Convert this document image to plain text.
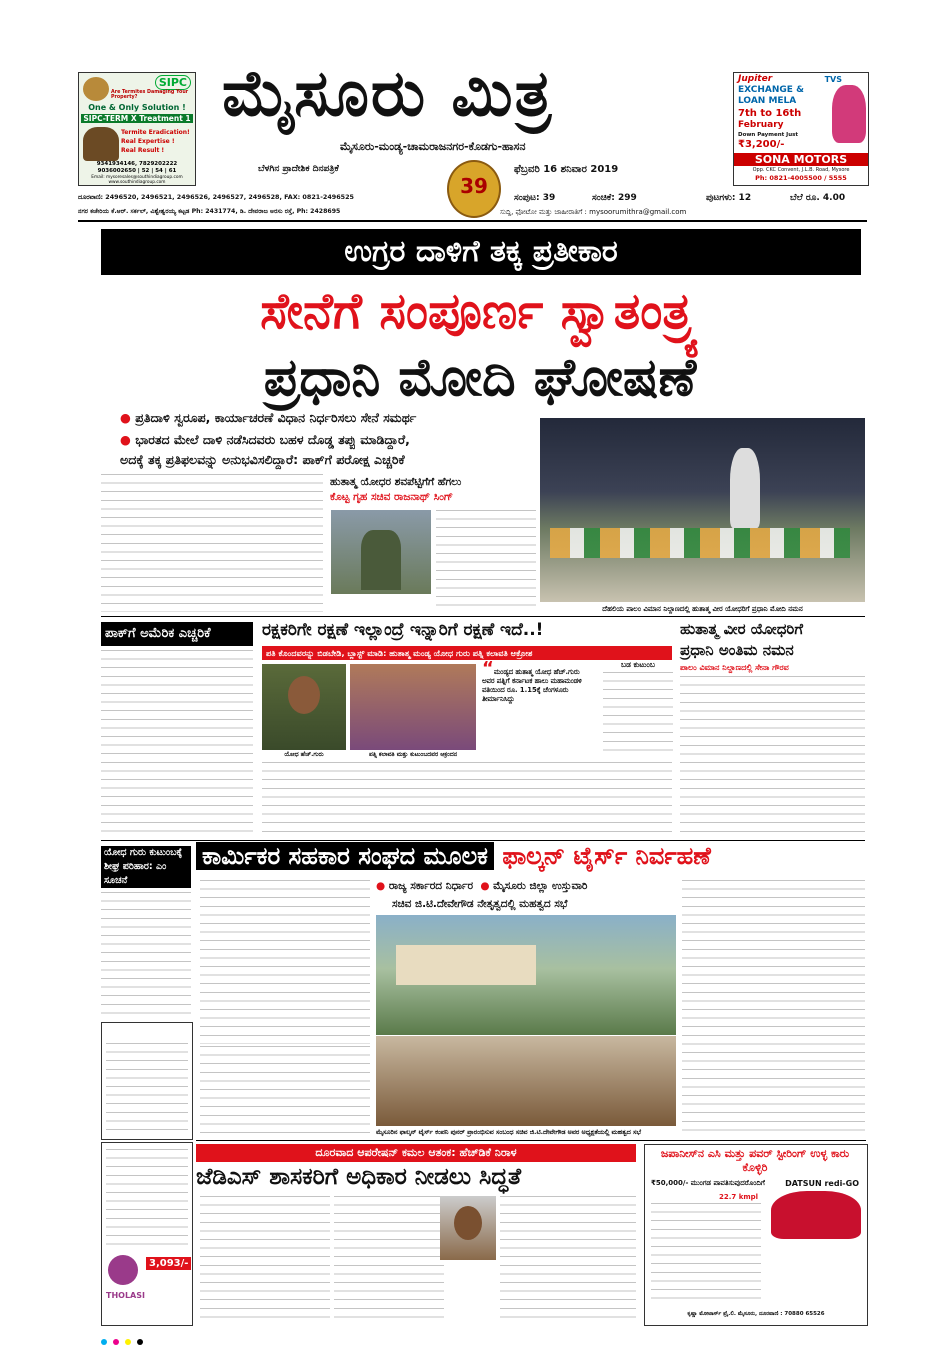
SIPC
Are Termites Damaging Your Property?
One & Only Solution !
SIPC-TERM X Treatment 1
Termite Eradication!
Real Expertise !
Real Result !
9341934146, 7829202222
9036002650 | 52 | 54 | 61
Email: mysoresales@southindiagroup.com
www.southindiagroup.com
ಮೈಸೂರು ಮಿತ್ರ
ಮೈಸೂರು-ಮಂಡ್ಯ-ಚಾಮರಾಜನಗರ-ಕೊಡಗು-ಹಾಸನ
ಬೆಳಗಿನ ಪ್ರಾದೇಶಿಕ ದಿನಪತ್ರಿಕೆ	ಫೆಬ್ರವರಿ 16 ಶನಿವಾರ 2019
39	ಸಂಪುಟ: 39	ಸಂಚಿಕೆ: 299	ಪುಟಗಳು: 12	ಬೆಲೆ ರೂ. 4.00
ಸುದ್ದಿ, ಫೋಟೋ ಮತ್ತು ಜಾಹೀರಾತಿಗೆ : mysoorumithra@gmail.com
Jupiter	TVS
EXCHANGE &
LOAN MELA
7th to 16th
February
Down Payment Just
₹3,200/-
SONA MOTORS
Opp. CKC Convent, J.L.B. Road, Mysore
Ph: 0821-4005500 / 5555
ದೂರವಾಣಿ: 2496520, 2496521, 2496526, 2496527, 2496528, FAX: 0821-2496525
ನಗರ ಕಚೇರಿಯ ಕೆ.ಆರ್. ಸರ್ಕಲ್, ವಿಶ್ವೇಶ್ವರಯ್ಯ ಕಟ್ಟಡ Ph: 2431774, ಡಿ. ದೇವರಾಜ ಅರಸು ರಸ್ತೆ, Ph: 2428695
ಉಗ್ರರ ದಾಳಿಗೆ ತಕ್ಕ ಪ್ರತೀಕಾರ
ಸೇನೆಗೆ ಸಂಪೂರ್ಣ ಸ್ವಾತಂತ್ರ್ಯ
ಪ್ರಧಾನಿ ಮೋದಿ ಘೋಷಣೆ
● ಪ್ರತಿದಾಳಿ ಸ್ವರೂಪ, ಕಾರ್ಯಾಚರಣೆ ವಿಧಾನ ನಿರ್ಧರಿಸಲು ಸೇನೆ ಸಮರ್ಥ
● ಭಾರತದ ಮೇಲೆ ದಾಳಿ ನಡೆಸಿದವರು ಬಹಳ ದೊಡ್ಡ ತಪ್ಪು ಮಾಡಿದ್ದಾರೆ,
ಅದಕ್ಕೆ ತಕ್ಕ ಪ್ರತಿಫಲವನ್ನು ಅನುಭವಿಸಲಿದ್ದಾರೆ: ಪಾಕ್‌ಗೆ ಪರೋಕ್ಷ ಎಚ್ಚರಿಕೆ
ದೆಹಲಿಯ ಪಾಲಂ ವಿಮಾನ ನಿಲ್ದಾಣದಲ್ಲಿ ಹುತಾತ್ಮ ವೀರ ಯೋಧರಿಗೆ ಪ್ರಧಾನಿ ಮೋದಿ ನಮನ
ಹುತಾತ್ಮ ಯೋಧರ ಶವಪೆಟ್ಟಿಗೆಗೆ ಹೆಗಲು
ಕೊಟ್ಟ ಗೃಹ ಸಚಿವ ರಾಜನಾಥ್ ಸಿಂಗ್
ಪಾಕ್‌ಗೆ ಅಮೆರಿಕ ಎಚ್ಚರಿಕೆ	ರಕ್ಷಕರಿಗೇ ರಕ್ಷಣೆ ಇಲ್ಲಾಂದ್ರೆ ಇನ್ನಾರಿಗೆ ರಕ್ಷಣೆ ಇದೆ..!
ಪತಿ ಕೊಂದವರನ್ನು ಬಿಡಬೇಡಿ, ಬ್ಲಾಸ್ಟ್ ಮಾಡಿ: ಹುತಾತ್ಮ ಮಂಡ್ಯ ಯೋಧ ಗುರು ಪತ್ನಿ ಕಲಾವತಿ ಆಕ್ರೋಶ
ಯೋಧ ಹೆಚ್.ಗುರು	ಪತ್ನಿ ಕಲಾವತಿ ಮತ್ತು ಕುಟುಂಬದವರ ಆಕ್ರಂದನ
“ಮಂಡ್ಯದ ಹುತಾತ್ಮ ಯೋಧ ಹೆಚ್.ಗುರು ಅವರ ಪತ್ನಿಗೆ ಕರ್ನಾಟಕ ಹಾಲು ಮಹಾಮಂಡಳಿ ವತಿಯಿಂದ ರೂ. 1.15ಕ್ಕೆ ಚೆಂಗಳೂರು ತೀರ್ಮಾನಿಸಿದ್ದು
ಬಡ ಕುಟುಂಬ
ಹುತಾತ್ಮ ವೀರ ಯೋಧರಿಗೆ
ಪ್ರಧಾನಿ ಅಂತಿಮ ನಮನ
ಪಾಲಂ ವಿಮಾನ ನಿಲ್ದಾಣದಲ್ಲಿ ಸೇನಾ ಗೌರವ
ಯೋಧ ಗುರು ಕುಟುಂಬಕ್ಕೆ ಶೀಘ್ರ ಪರಿಹಾರ: ಎಂ ಸೂಚನೆ
ಕಾರ್ಮಿಕರ ಸಹಕಾರ ಸಂಘದ ಮೂಲಕ ಫಾಲ್ಕನ್ ಟೈರ್ಸ್ ನಿರ್ವಹಣೆ
● ರಾಜ್ಯ ಸರ್ಕಾರದ ನಿರ್ಧಾರ ● ಮೈಸೂರು ಜಿಲ್ಲಾ ಉಸ್ತುವಾರಿ
ಸಚಿವ ಜಿ.ಟಿ.ದೇವೇಗೌಡ ನೇತೃತ್ವದಲ್ಲಿ ಮಹತ್ವದ ಸಭೆ
ಮೈಸೂರಿನ ಫಾಲ್ಕನ್ ಟೈರ್ಸ್ ಕಂಪನಿ ಪುನರ್ ಪ್ರಾರಂಭಿಸುವ ಸಂಬಂಧ ಸಚಿವ ಜಿ.ಟಿ.ದೇವೇಗೌಡ ಅವರ ಅಧ್ಯಕ್ಷತೆಯಲ್ಲಿ ಮಹತ್ವದ ಸಭೆ
ದೂರವಾದ ಆಪರೇಷನ್ ಕಮಲ ಆತಂಕ: ಹೆಚ್‌ಡಿಕೆ ನಿರಾಳ
ಜೆಡಿಎಸ್ ಶಾಸಕರಿಗೆ ಅಧಿಕಾರ ನೀಡಲು ಸಿದ್ಧತೆ
3,093/-
THOLASI
ಜಪಾನೀಸ್‌ನ ಎಸಿ ಮತ್ತು ಪವರ್ ಸ್ಟೀರಿಂಗ್ ಉಳ್ಳ ಕಾರು ಕೊಳ್ಳಿರಿ
₹50,000/- ಮುಂಗಡ ಪಾವತಿಸುವುದರೊಂದಿಗೆ	DATSUN redi-GO
22.7 kmpl
ಕೃಷ್ಣಾ ಮೋಟಾರ್ಸ್ ಪ್ರೈ.ಲಿ. ಮೈಸೂರು, ದೂರವಾಣಿ : 70880 65526
